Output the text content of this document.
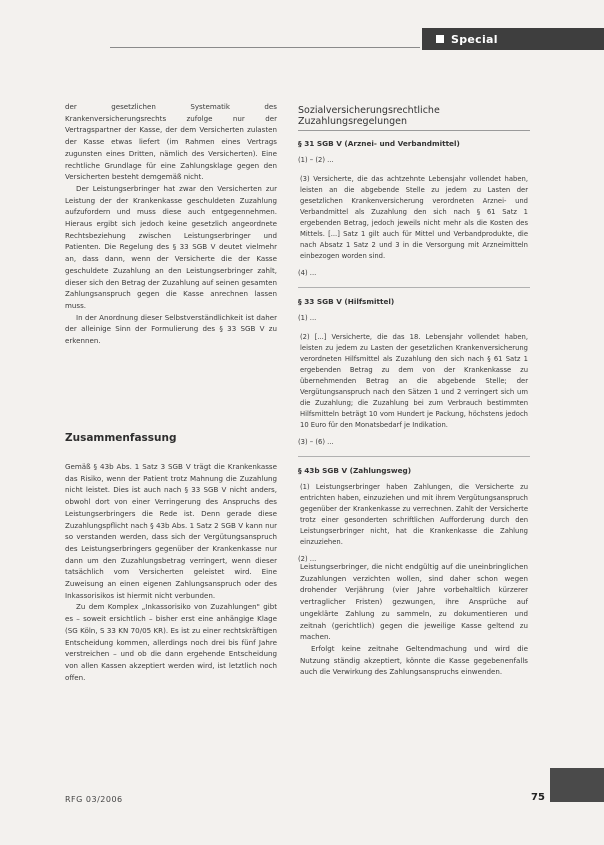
Special

der gesetzlichen Systematik des Krankenversicherungsrechts zufolge nur der Vertragspartner der Kasse, der dem Versicherten zulasten der Kasse etwas liefert (im Rahmen eines Vertrags zugunsten eines Dritten, nämlich des Versicherten). Eine rechtliche Grundlage für eine Zahlungsklage gegen den Versicherten besteht demgemäß nicht.

Der Leistungserbringer hat zwar den Versicherten zur Leistung der der Krankenkasse geschuldeten Zuzahlung aufzufordern und muss diese auch entgegennehmen. Hieraus ergibt sich jedoch keine gesetzlich angeordnete Rechtsbeziehung zwischen Leistungserbringer und Patienten. Die Regelung des § 33 SGB V deutet vielmehr an, dass dann, wenn der Versicherte die der Kasse geschuldete Zuzahlung an den Leistungserbringer zahlt, dieser sich den Betrag der Zuzahlung auf seinen gesamten Zahlungsanspruch gegen die Kasse anrechnen lassen muss.

In der Anordnung dieser Selbstverständlichkeit ist daher der alleinige Sinn der Formulierung des § 33 SGB V zu erkennen.

Zusammenfassung

Gemäß § 43b Abs. 1 Satz 3 SGB V trägt die Krankenkasse das Risiko, wenn der Patient trotz Mahnung die Zuzahlung nicht leistet. Dies ist auch nach § 33 SGB V nicht anders, obwohl dort von einer Verringerung des Anspruchs des Leistungserbringers die Rede ist. Denn gerade diese Zuzahlungspflicht nach § 43b Abs. 1 Satz 2 SGB V kann nur so verstanden werden, dass sich der Vergütungsanspruch des Leistungserbringers gegenüber der Krankenkasse nur dann um den Zuzahlungsbetrag verringert, wenn dieser tatsächlich vom Versicherten geleistet wird. Eine Zuweisung an einen eigenen Zahlungsanspruch oder des Inkassorisikos ist hiermit nicht verbunden.

Zu dem Komplex „Inkassorisiko von Zuzahlungen" gibt es – soweit ersichtlich – bisher erst eine anhängige Klage (SG Köln, S 33 KN 70/05 KR). Es ist zu einer rechtskräftigen Entscheidung kommen, allerdings noch drei bis fünf Jahre verstreichen – und ob die dann ergehende Entscheidung von allen Kassen akzeptiert werden wird, ist letztlich noch offen.

Sozialversicherungsrechtliche Zuzahlungsregelungen
§ 31 SGB V (Arznei- und Verbandmittel)
(1) – (2) ...
(3) Versicherte, die das achtzehnte Lebensjahr vollendet haben, leisten an die abgebende Stelle zu jedem zu Lasten der gesetzlichen Krankenversicherung verordneten Arznei- und Verbandmittel als Zuzahlung den sich nach § 61 Satz 1 ergebenden Betrag, jedoch jeweils nicht mehr als die Kosten des Mittels. [...] Satz 1 gilt auch für Mittel und Verbandprodukte, die nach Absatz 1 Satz 2 und 3 in die Versorgung mit Arzneimitteln einbezogen worden sind.
(4) ...
§ 33 SGB V (Hilfsmittel)
(1) ...
(2) [...] Versicherte, die das 18. Lebensjahr vollendet haben, leisten zu jedem zu Lasten der gesetzlichen Krankenversicherung verordneten Hilfsmittel als Zuzahlung den sich nach § 61 Satz 1 ergebenden Betrag zu dem von der Krankenkasse zu übernehmenden Betrag an die abgebende Stelle; der Vergütungsanspruch nach den Sätzen 1 und 2 verringert sich um die Zuzahlung; die Zuzahlung bei zum Verbrauch bestimmten Hilfsmitteln beträgt 10 vom Hundert je Packung, höchstens jedoch 10 Euro für den Monatsbedarf je Indikation.
(3) – (6) ...
§ 43b SGB V (Zahlungsweg)
(1) Leistungserbringer haben Zahlungen, die Versicherte zu entrichten haben, einzuziehen und mit ihrem Vergütungsanspruch gegenüber der Krankenkasse zu verrechnen. Zahlt der Versicherte trotz einer gesonderten schriftlichen Aufforderung durch den Leistungserbringer nicht, hat die Krankenkasse die Zahlung einzuziehen.
(2) ...

Leistungserbringer, die nicht endgültig auf die uneinbringlichen Zuzahlungen verzichten wollen, sind daher schon wegen drohender Verjährung (vier Jahre vorbehaltlich kürzerer vertraglicher Fristen) gezwungen, ihre Ansprüche auf ungeklärte Zahlung zu sammeln, zu dokumentieren und zeitnah (gerichtlich) gegen die jeweilige Kasse geltend zu machen.

Erfolgt keine zeitnahe Geltendmachung und wird die Nutzung ständig akzeptiert, könnte die Kasse gegebenenfalls auch die Verwirkung des Zahlungsanspruchs einwenden.

RFG 03/2006	75
